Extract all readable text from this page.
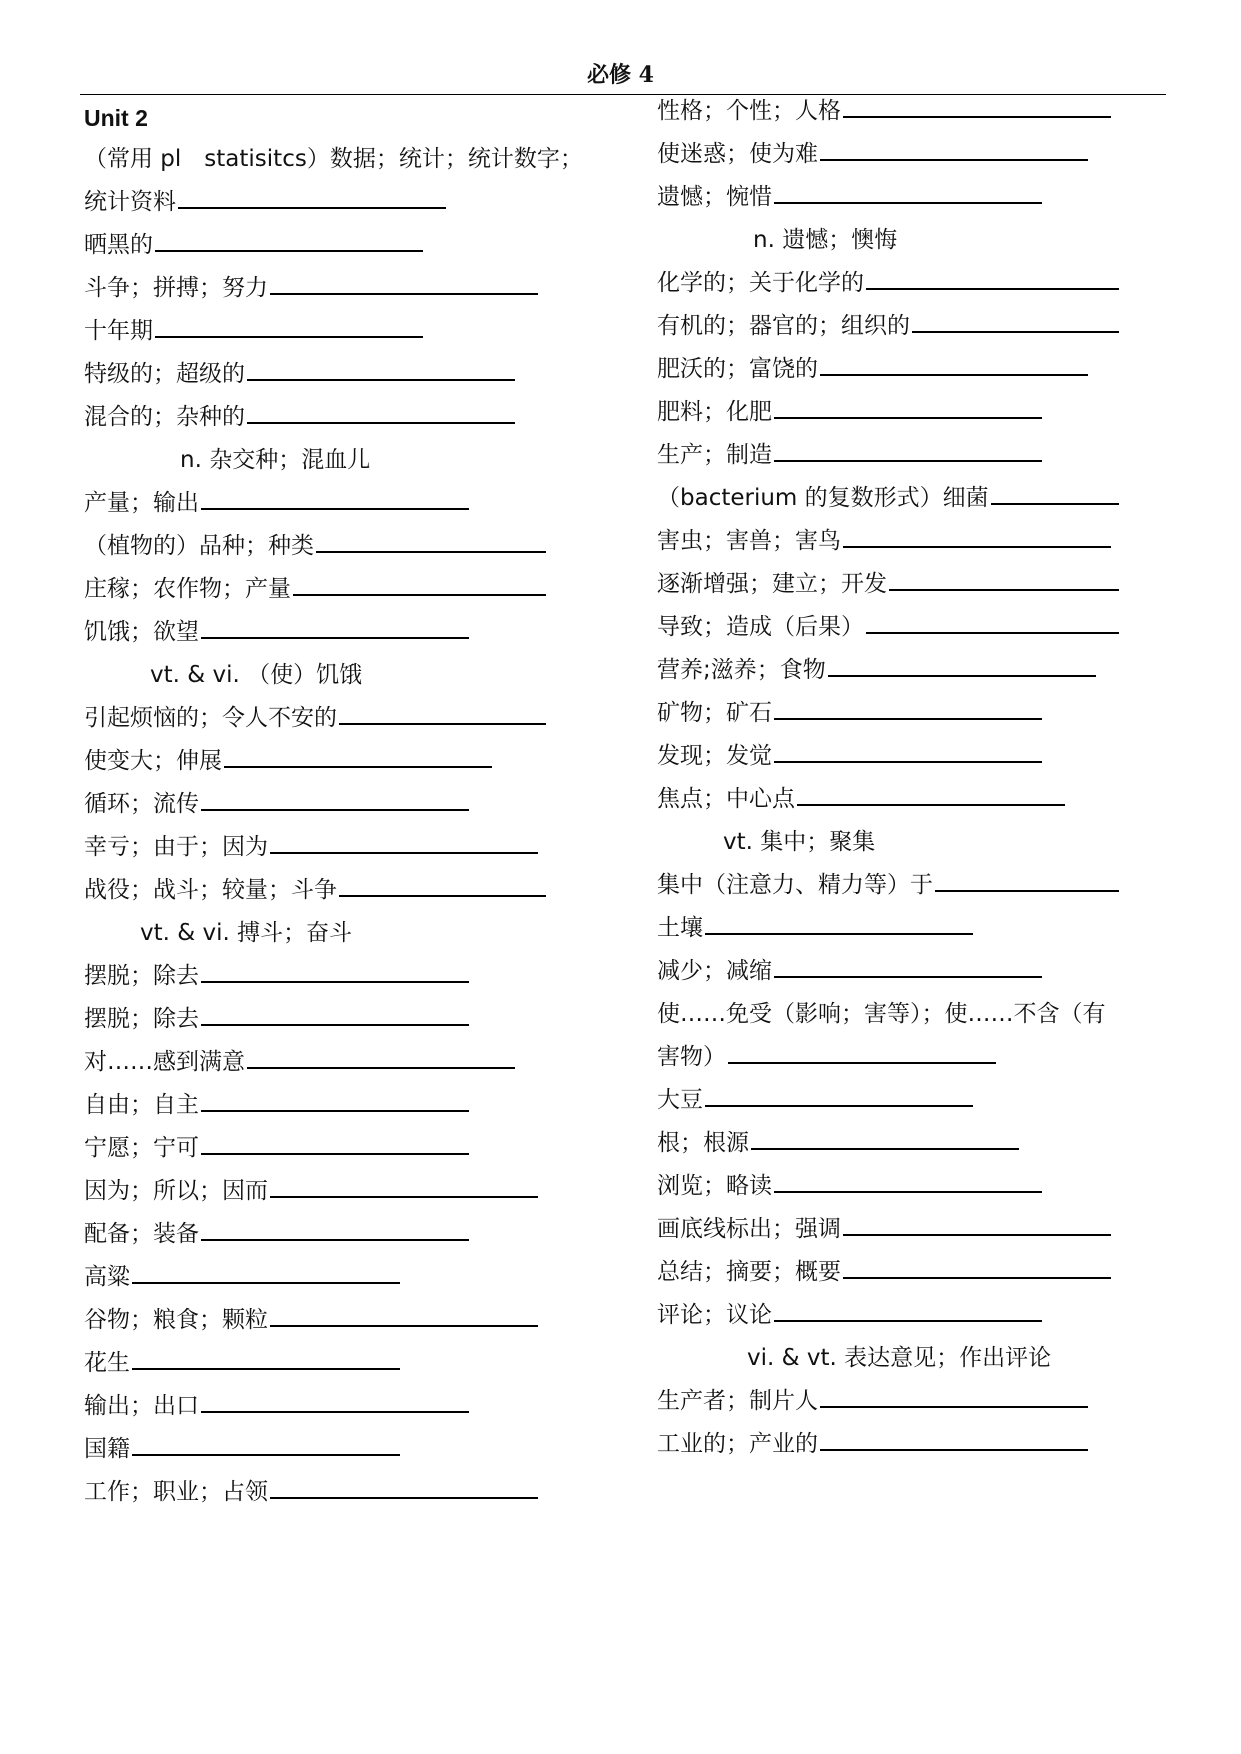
必修 4
Unit 2
（常用 pl　statisitcs）数据；统计；统计数字；
统计资料
晒黑的
斗争；拼搏；努力
十年期
特级的；超级的
混合的；杂种的
n. 杂交种；混血儿
产量；输出
（植物的）品种；种类
庄稼；农作物；产量
饥饿；欲望
vt. & vi. （使）饥饿
引起烦恼的；令人不安的
使变大；伸展
循环；流传
幸亏；由于；因为
战役；战斗；较量；斗争
vt. & vi. 搏斗；奋斗
摆脱；除去
摆脱；除去
对……感到满意
自由；自主
宁愿；宁可
因为；所以；因而
配备；装备
高粱
谷物；粮食；颗粒
花生
输出；出口
国籍
工作；职业；占领
性格；个性；人格
使迷惑；使为难
遗憾；惋惜
n. 遗憾；懊悔
化学的；关于化学的
有机的；器官的；组织的
肥沃的；富饶的
肥料；化肥
生产；制造
（bacterium 的复数形式）细菌
害虫；害兽；害鸟
逐渐增强；建立；开发
导致；造成（后果）
营养;滋养；食物
矿物；矿石
发现；发觉
焦点；中心点
vt. 集中；聚集
集中（注意力、精力等）于
土壤
减少；减缩
使……免受（影响；害等）；使……不含（有
害物）
大豆
根；根源
浏览；略读
画底线标出；强调
总结；摘要；概要
评论；议论
vi. & vt. 表达意见；作出评论
生产者；制片人
工业的；产业的
